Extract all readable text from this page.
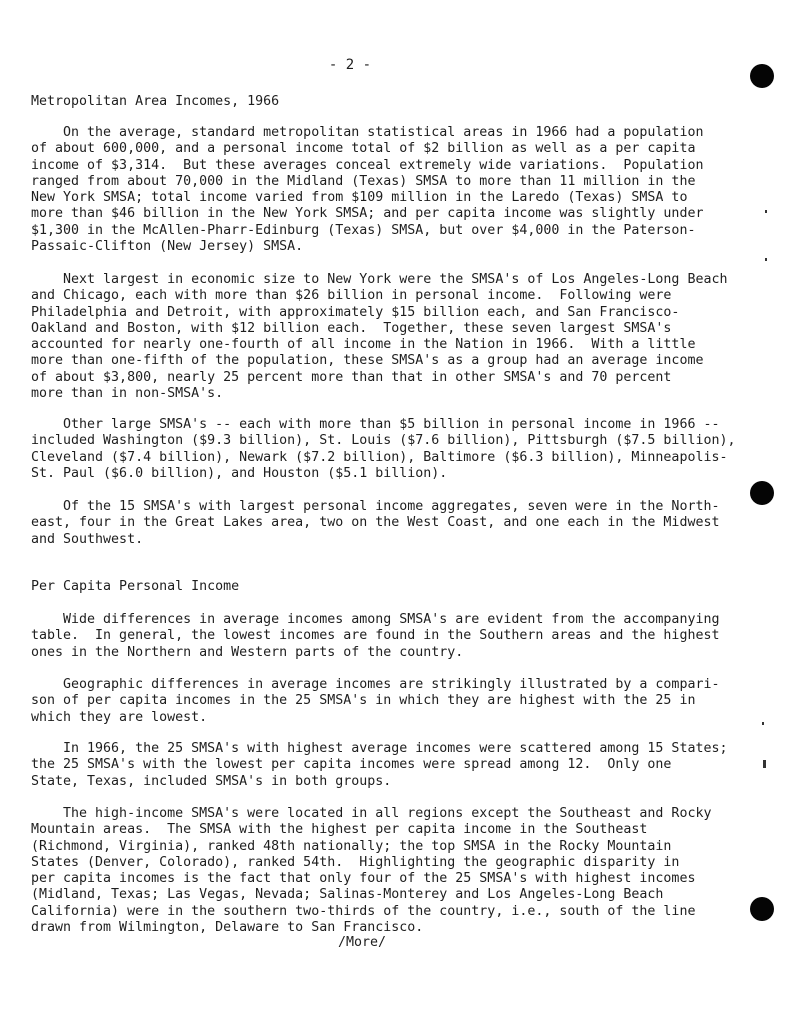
- 2 -
Metropolitan Area Incomes, 1966
On the average, standard metropolitan statistical areas in 1966 had a population
of about 600,000, and a personal income total of $2 billion as well as a per capita
income of $3,314.  But these averages conceal extremely wide variations.  Population
ranged from about 70,000 in the Midland (Texas) SMSA to more than 11 million in the
New York SMSA; total income varied from $109 million in the Laredo (Texas) SMSA to
more than $46 billion in the New York SMSA; and per capita income was slightly under
$1,300 in the McAllen-Pharr-Edinburg (Texas) SMSA, but over $4,000 in the Paterson-
Passaic-Clifton (New Jersey) SMSA.
Next largest in economic size to New York were the SMSA's of Los Angeles-Long Beach
and Chicago, each with more than $26 billion in personal income.  Following were
Philadelphia and Detroit, with approximately $15 billion each, and San Francisco-
Oakland and Boston, with $12 billion each.  Together, these seven largest SMSA's
accounted for nearly one-fourth of all income in the Nation in 1966.  With a little
more than one-fifth of the population, these SMSA's as a group had an average income
of about $3,800, nearly 25 percent more than that in other SMSA's and 70 percent
more than in non-SMSA's.
Other large SMSA's -- each with more than $5 billion in personal income in 1966 --
included Washington ($9.3 billion), St. Louis ($7.6 billion), Pittsburgh ($7.5 billion),
Cleveland ($7.4 billion), Newark ($7.2 billion), Baltimore ($6.3 billion), Minneapolis-
St. Paul ($6.0 billion), and Houston ($5.1 billion).
Of the 15 SMSA's with largest personal income aggregates, seven were in the North-
east, four in the Great Lakes area, two on the West Coast, and one each in the Midwest
and Southwest.
Per Capita Personal Income
Wide differences in average incomes among SMSA's are evident from the accompanying
table.  In general, the lowest incomes are found in the Southern areas and the highest
ones in the Northern and Western parts of the country.
Geographic differences in average incomes are strikingly illustrated by a compari-
son of per capita incomes in the 25 SMSA's in which they are highest with the 25 in
which they are lowest.
In 1966, the 25 SMSA's with highest average incomes were scattered among 15 States;
the 25 SMSA's with the lowest per capita incomes were spread among 12.  Only one
State, Texas, included SMSA's in both groups.
The high-income SMSA's were located in all regions except the Southeast and Rocky
Mountain areas.  The SMSA with the highest per capita income in the Southeast
(Richmond, Virginia), ranked 48th nationally; the top SMSA in the Rocky Mountain
States (Denver, Colorado), ranked 54th.  Highlighting the geographic disparity in
per capita incomes is the fact that only four of the 25 SMSA's with highest incomes
(Midland, Texas; Las Vegas, Nevada; Salinas-Monterey and Los Angeles-Long Beach
California) were in the southern two-thirds of the country, i.e., south of the line
drawn from Wilmington, Delaware to San Francisco.
/More/
